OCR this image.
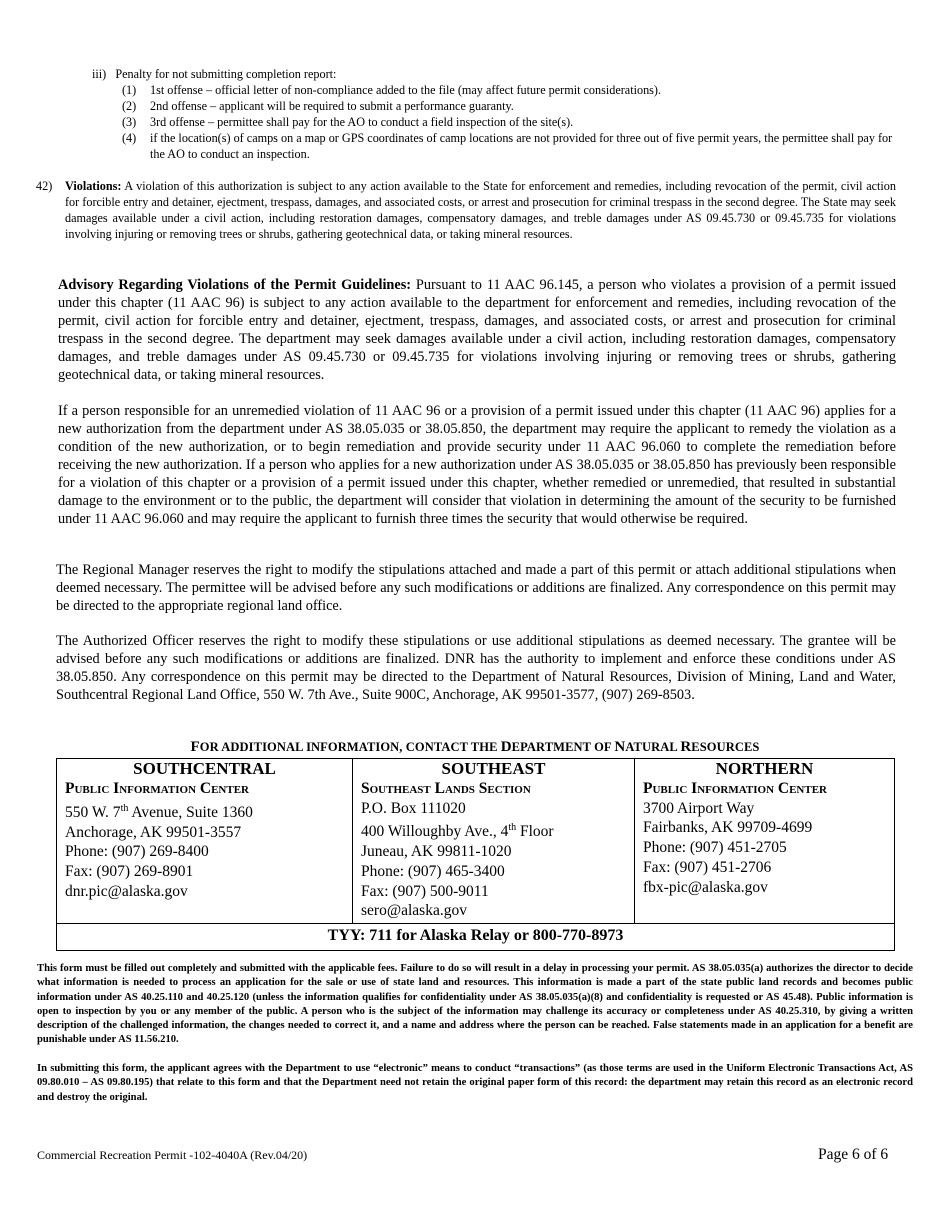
iii) Penalty for not submitting completion report:
(1) 1st offense – official letter of non-compliance added to the file (may affect future permit considerations).
(2) 2nd offense – applicant will be required to submit a performance guaranty.
(3) 3rd offense – permittee shall pay for the AO to conduct a field inspection of the site(s).
(4) if the location(s) of camps on a map or GPS coordinates of camp locations are not provided for three out of five permit years, the permittee shall pay for the AO to conduct an inspection.
42) Violations: A violation of this authorization is subject to any action available to the State for enforcement and remedies, including revocation of the permit, civil action for forcible entry and detainer, ejectment, trespass, damages, and associated costs, or arrest and prosecution for criminal trespass in the second degree. The State may seek damages available under a civil action, including restoration damages, compensatory damages, and treble damages under AS 09.45.730 or 09.45.735 for violations involving injuring or removing trees or shrubs, gathering geotechnical data, or taking mineral resources.
Advisory Regarding Violations of the Permit Guidelines: Pursuant to 11 AAC 96.145, a person who violates a provision of a permit issued under this chapter (11 AAC 96) is subject to any action available to the department for enforcement and remedies, including revocation of the permit, civil action for forcible entry and detainer, ejectment, trespass, damages, and associated costs, or arrest and prosecution for criminal trespass in the second degree. The department may seek damages available under a civil action, including restoration damages, compensatory damages, and treble damages under AS 09.45.730 or 09.45.735 for violations involving injuring or removing trees or shrubs, gathering geotechnical data, or taking mineral resources.
If a person responsible for an unremedied violation of 11 AAC 96 or a provision of a permit issued under this chapter (11 AAC 96) applies for a new authorization from the department under AS 38.05.035 or 38.05.850, the department may require the applicant to remedy the violation as a condition of the new authorization, or to begin remediation and provide security under 11 AAC 96.060 to complete the remediation before receiving the new authorization. If a person who applies for a new authorization under AS 38.05.035 or 38.05.850 has previously been responsible for a violation of this chapter or a provision of a permit issued under this chapter, whether remedied or unremedied, that resulted in substantial damage to the environment or to the public, the department will consider that violation in determining the amount of the security to be furnished under 11 AAC 96.060 and may require the applicant to furnish three times the security that would otherwise be required.
The Regional Manager reserves the right to modify the stipulations attached and made a part of this permit or attach additional stipulations when deemed necessary. The permittee will be advised before any such modifications or additions are finalized. Any correspondence on this permit may be directed to the appropriate regional land office.
The Authorized Officer reserves the right to modify these stipulations or use additional stipulations as deemed necessary. The grantee will be advised before any such modifications or additions are finalized. DNR has the authority to implement and enforce these conditions under AS 38.05.850. Any correspondence on this permit may be directed to the Department of Natural Resources, Division of Mining, Land and Water, Southcentral Regional Land Office, 550 W. 7th Ave., Suite 900C, Anchorage, AK 99501-3577, (907) 269-8503.
FOR ADDITIONAL INFORMATION, CONTACT THE DEPARTMENT OF NATURAL RESOURCES
SOUTHCENTRAL
Public Information Center
550 W. 7th Avenue, Suite 1360
Anchorage, AK 99501-3557
Phone: (907) 269-8400
Fax: (907) 269-8901
dnr.pic@alaska.gov

SOUTHEAST
Southeast Lands Section
P.O. Box 111020
400 Willoughby Ave., 4th Floor
Juneau, AK 99811-1020
Phone: (907) 465-3400
Fax: (907) 500-9011
sero@alaska.gov

NORTHERN
Public Information Center
3700 Airport Way
Fairbanks, AK 99709-4699
Phone: (907) 451-2705
Fax: (907) 451-2706
fbx-pic@alaska.gov

TYY: 711 for Alaska Relay or 800-770-8973
This form must be filled out completely and submitted with the applicable fees. Failure to do so will result in a delay in processing your permit. AS 38.05.035(a) authorizes the director to decide what information is needed to process an application for the sale or use of state land and resources. This information is made a part of the state public land records and becomes public information under AS 40.25.110 and 40.25.120 (unless the information qualifies for confidentiality under AS 38.05.035(a)(8) and confidentiality is requested or AS 45.48). Public information is open to inspection by you or any member of the public. A person who is the subject of the information may challenge its accuracy or completeness under AS 40.25.310, by giving a written description of the challenged information, the changes needed to correct it, and a name and address where the person can be reached. False statements made in an application for a benefit are punishable under AS 11.56.210.
In submitting this form, the applicant agrees with the Department to use “electronic” means to conduct “transactions” (as those terms are used in the Uniform Electronic Transactions Act, AS 09.80.010 – AS 09.80.195) that relate to this form and that the Department need not retain the original paper form of this record: the department may retain this record as an electronic record and destroy the original.
Commercial Recreation Permit -102-4040A (Rev.04/20)	Page 6 of 6
